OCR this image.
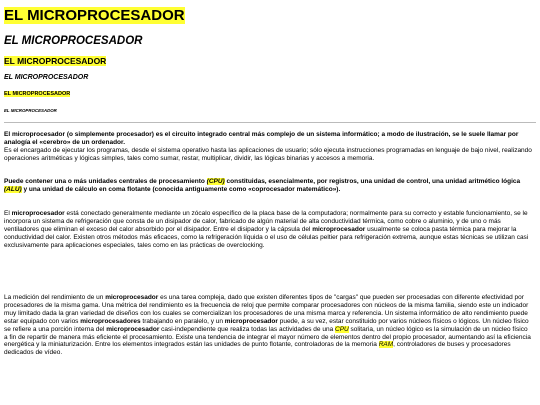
EL MICROPROCESADOR
EL MICROPROCESADOR
EL MICROPROCESADOR
EL MICROPROCESADOR
EL MICROPROCESADOR
EL MICROPROCESADOR

El microprocesador (o simplemente procesador) es el circuito integrado central más complejo de un sistema informático; a modo de ilustración, se le suele llamar por analogía el «cerebro» de un ordenador.
Es el encargado de ejecutar los programas, desde el sistema operativo hasta las aplicaciones de usuario; sólo ejecuta instrucciones programadas en lenguaje de bajo nivel, realizando operaciones aritméticas y lógicas simples, tales como sumar, restar, multiplicar, dividir, las lógicas binarias y accesos a memoria.

Puede contener una o más unidades centrales de procesamiento (CPU) constituidas, esencialmente, por registros, una unidad de control, una unidad aritmético lógica (ALU) y una unidad de cálculo en coma flotante (conocida antiguamente como «coprocesador matemático»).

El microprocesador está conectado generalmente mediante un zócalo específico de la placa base de la computadora; normalmente para su correcto y estable funcionamiento, se le incorpora un sistema de refrigeración que consta de un disipador de calor, fabricado de algún material de alta conductividad térmica, como cobre o aluminio, y de uno o más ventiladores que eliminan el exceso del calor absorbido por el disipador. Entre el disipador y la cápsula del microprocesador usualmente se coloca pasta térmica para mejorar la conductividad del calor. Existen otros métodos más eficaces, como la refrigeración líquida o el uso de células peltier para refrigeración extrema, aunque estas técnicas se utilizan casi exclusivamente para aplicaciones especiales, tales como en las prácticas de overclocking.

La medición del rendimiento de un microprocesador es una tarea compleja, dado que existen diferentes tipos de "cargas" que pueden ser procesadas con diferente efectividad por procesadores de la misma gama. Una métrica del rendimiento es la frecuencia de reloj que permite comparar procesadores con núcleos de la misma familia, siendo este un indicador muy limitado dada la gran variedad de diseños con los cuales se comercializan los procesadores de una misma marca y referencia. Un sistema informático de alto rendimiento puede estar equipado con varios microprocesadores trabajando en paralelo, y un microprocesador puede, a su vez, estar constituido por varios núcleos físicos o lógicos. Un núcleo físico se refiere a una porción interna del microprocesador casi-independiente que realiza todas las actividades de una CPU solitaria, un núcleo lógico es la simulación de un núcleo físico a fin de repartir de manera más eficiente el procesamiento. Existe una tendencia de integrar el mayor número de elementos dentro del propio procesador, aumentando así la eficiencia energética y la miniaturización. Entre los elementos integrados están las unidades de punto flotante, controladoras de la memoria RAM, controladores de buses y procesadores dedicados de vídeo.
